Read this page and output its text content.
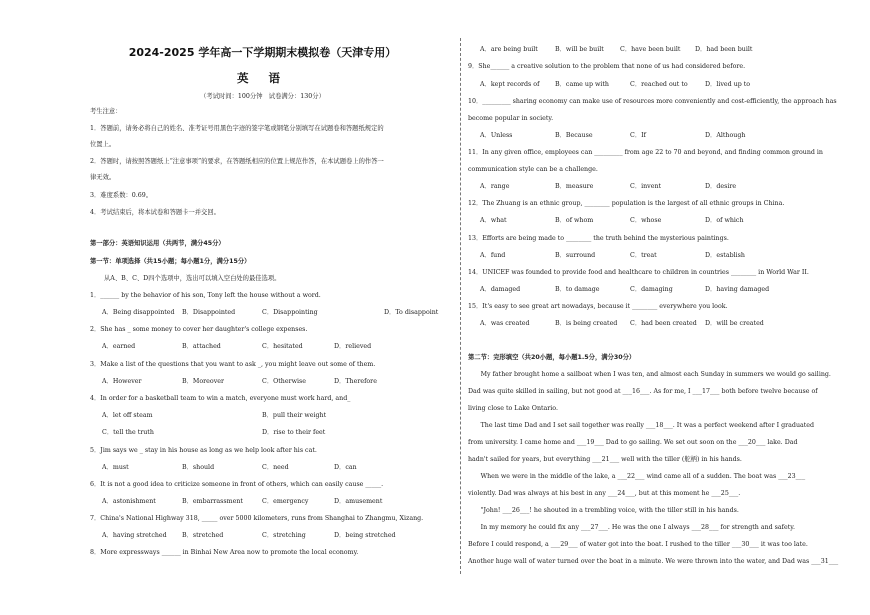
2024-2025 学年高一下学期期末模拟卷（天津专用）
英 语
（考试时间：100分钟　试卷满分：130分）
考生注意：
1．答题前，请务必将自己的姓名、准考证号用黑色字迹的签字笔或钢笔分别填写在试题卷和答题纸规定的
位置上。
2．答题时，请按照答题纸上“注意事项”的要求，在答题纸相应的位置上规范作答，在本试题卷上的作答一
律无效。
3．难度系数：0.69。
4．考试结束后，将本试卷和答题卡一并交回。
第一部分：英语知识运用（共两节，满分45分）
第一节：单项选择（共15小题；每小题1分，满分15分）
从A、B、C、D四个选项中，选出可以填入空白处的最佳选项。
1．______ by the behavior of his son, Tony left the house without a word.
A．Being disappointed B．Disappointed	C．Disappointing	D．To disappoint
2．She has _ some money to cover her daughter's college expenses.
A．earned	B．attached	C．hesitated	D．relieved
3．Make a list of the questions that you want to ask _, you might leave out some of them.
A．However	B．Moreover	C．Otherwise	D．Therefore
4．In order for a basketball team to win a match, everyone must work hard, and_
A．let off steam	B．pull their weight
C．tell the truth	D．rise to their feet
5．Jim says we _ stay in his house as long as we help look after his cat.
A．must	B．should	C．need	D．can
6．It is not a good idea to criticize someone in front of others, which can easily cause _____.
A．astonishment	B．embarrassment	C．emergency	D．amusement
7．China's National Highway 318, _____ over 5000 kilometers, runs from Shanghai to Zhangmu, Xizang.
A．having stretched B．stretched	C．stretching	D．being stretched
8．More expressways ______ in Binhai New Area now to promote the local economy.
A．are being built	B．will be built	C．have been built D．had been built
9．She______ a creative solution to the problem that none of us had considered before.
A．kept records of B．came up with	C．reached out to	D．lived up to
10．_________ sharing economy can make use of resources more conveniently and cost-efficiently, the approach has
become popular in society.
A．Unless	B．Because	C．If	D．Although
11．In any given office, employees can _________ from age 22 to 70 and beyond, and finding common ground in
communication style can be a challenge.
A．range	B．measure	C．invent	D．desire
12．The Zhuang is an ethnic group, ________ population is the largest of all ethnic groups in China.
A．what	B．of whom	C．whose	D．of which
13．Efforts are being made to ________ the truth behind the mysterious paintings.
A．fund	B．surround	C．treat	D．establish
14．UNICEF was founded to provide food and healthcare to children in countries ________ in World War II.
A．damaged	B．to damage	C．damaging	D．having damaged
15．It's easy to see great art nowadays, because it ________ everywhere you look.
A．was created	B．is being created C．had been created D．will be created
第二节：完形填空（共20小题，每小题1.5分，满分30分）
　　My father brought home a sailboat when I was ten, and almost each Sunday in summers we would go sailing.
Dad was quite skilled in sailing, but not good at ___16___. As for me, I ___17___ both before twelve because of
living close to Lake Ontario.
　　The last time Dad and I set sail together was really ___18___. It was a perfect weekend after I graduated
from university. I came home and ___19___ Dad to go sailing. We set out soon on the ___20___ lake. Dad
hadn't sailed for years, but everything ___21___ well with the tiller (舵柄) in his hands.
　　When we were in the middle of the lake, a ___22___ wind came all of a sudden. The boat was ___23___
violently. Dad was always at his best in any ___24___, but at this moment he ___25___.
　　"John! ___26___! he shouted in a trembling voice, with the tiller still in his hands.
　　In my memory he could fix any ___27___. He was the one I always ___28___ for strength and safety.
Before I could respond, a ___29___ of water got into the boat. I rushed to the tiller ___30___ it was too late.
Another huge wall of water turned over the boat in a minute. We were thrown into the water, and Dad was ___31___
